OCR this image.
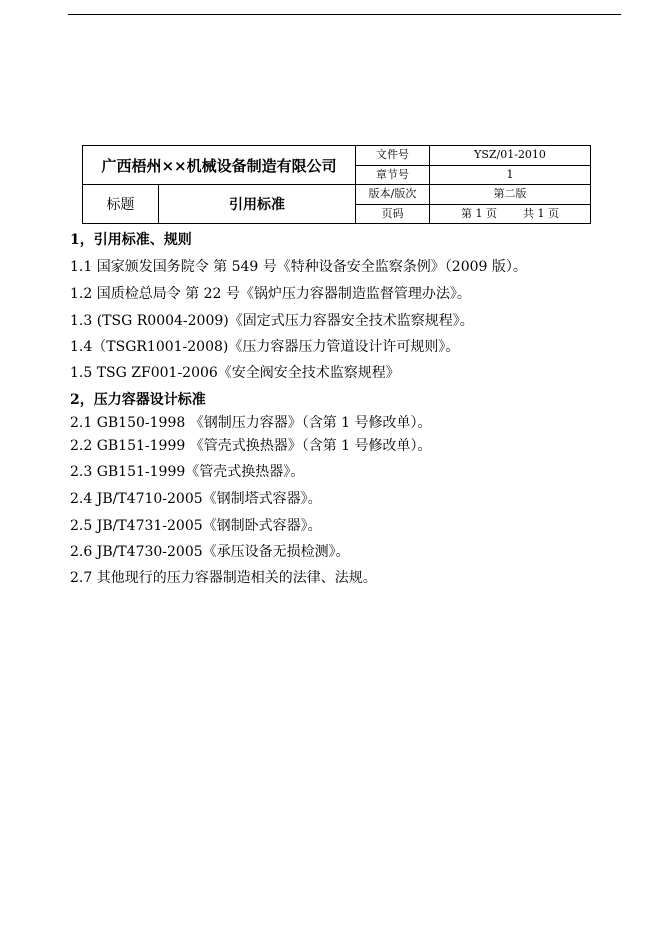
广西梧州××机械设备制造有限公司		文件号	YSZ/01-2010
		章节号	1
标题	引用标准	版本/版次	第二版
		页码	第 1 页 共 1 页
1，引用标准、规则
1.1 国家颁发国务院令 第 549 号《特种设备安全监察条例》（2009 版）。
1.2 国质检总局令 第 22 号《锅炉压力容器制造监督管理办法》。
1.3 (TSG R0004-2009)《固定式压力容器安全技术监察规程》。
1.4（TSGR1001-2008)《压力容器压力管道设计许可规则》。
1.5 TSG ZF001-2006《安全阀安全技术监察规程》
2，压力容器设计标准
2.1 GB150-1998 《钢制压力容器》（含第 1 号修改单）。
2.2 GB151-1999 《管壳式换热器》（含第 1 号修改单）。
2.3 GB151-1999《管壳式换热器》。
2.4 JB/T4710-2005《钢制塔式容器》。
2.5 JB/T4731-2005《钢制卧式容器》。
2.6 JB/T4730-2005《承压设备无损检测》。
2.7 其他现行的压力容器制造相关的法律、法规。
